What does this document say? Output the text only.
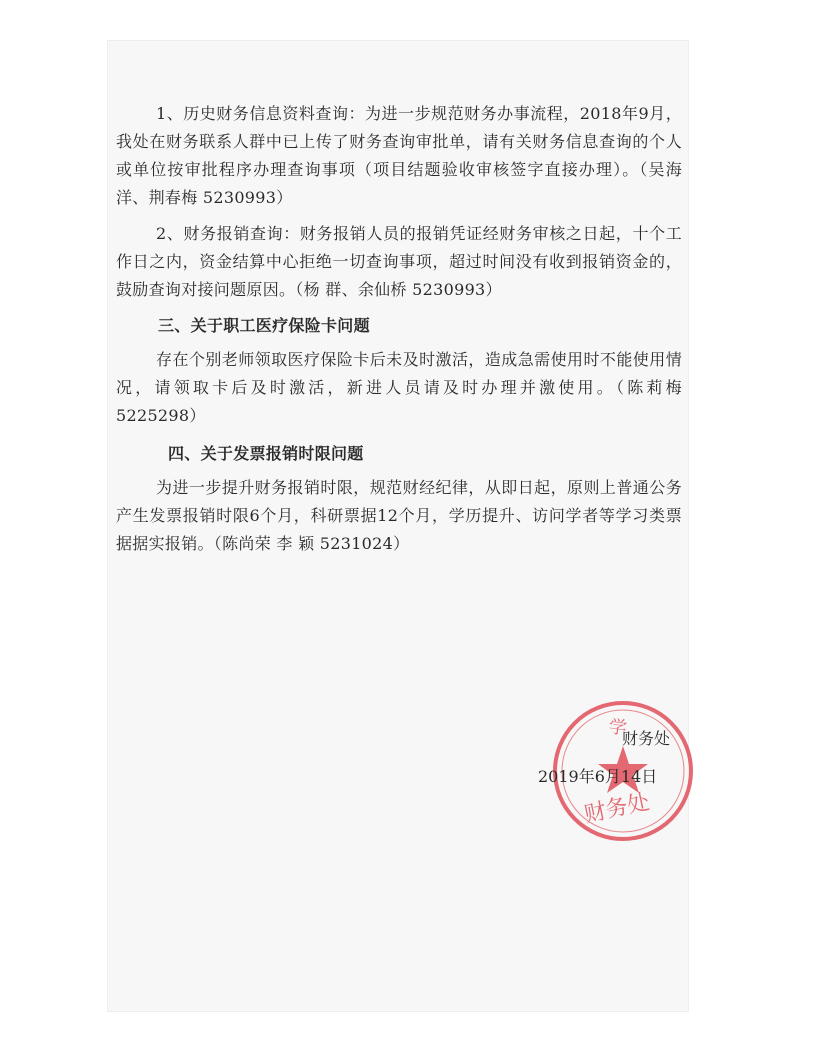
1、历史财务信息资料查询：为进一步规范财务办事流程，2018年9月，我处在财务联系人群中已上传了财务查询审批单，请有关财务信息查询的个人或单位按审批程序办理查询事项（项目结题验收审核签字直接办理）。（吴海洋、荆春梅 5230993）

2、财务报销查询：财务报销人员的报销凭证经财务审核之日起，十个工作日之内，资金结算中心拒绝一切查询事项，超过时间没有收到报销资金的，鼓励查询对接问题原因。（杨 群、余仙桥 5230993）

三、关于职工医疗保险卡问题

存在个别老师领取医疗保险卡后未及时激活，造成急需使用时不能使用情况，请领取卡后及时激活，新进人员请及时办理并激使用。（陈莉梅 5225298）

四、关于发票报销时限问题

为进一步提升财务报销时限，规范财经纪律，从即日起，原则上普通公务产生发票报销时限6个月，科研票据12个月，学历提升、访问学者等学习类票据据实报销。（陈尚荣 李 颖 5231024）

学
财务处
财务处
2019年6月14日
